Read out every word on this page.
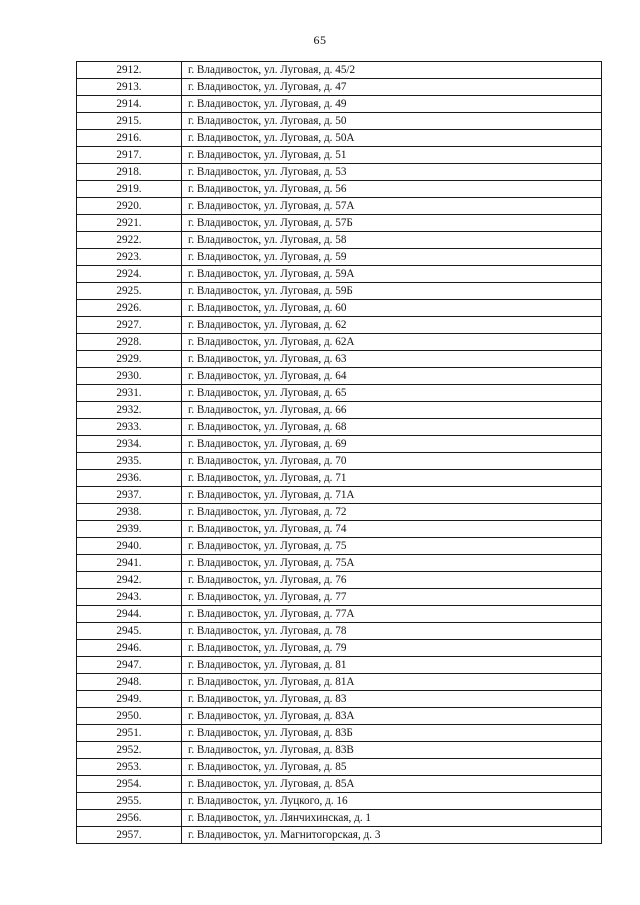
65
2912.	г. Владивосток, ул. Луговая, д. 45/2
2913.	г. Владивосток, ул. Луговая, д. 47
2914.	г. Владивосток, ул. Луговая, д. 49
2915.	г. Владивосток, ул. Луговая, д. 50
2916.	г. Владивосток, ул. Луговая, д. 50А
2917.	г. Владивосток, ул. Луговая, д. 51
2918.	г. Владивосток, ул. Луговая, д. 53
2919.	г. Владивосток, ул. Луговая, д. 56
2920.	г. Владивосток, ул. Луговая, д. 57А
2921.	г. Владивосток, ул. Луговая, д. 57Б
2922.	г. Владивосток, ул. Луговая, д. 58
2923.	г. Владивосток, ул. Луговая, д. 59
2924.	г. Владивосток, ул. Луговая, д. 59А
2925.	г. Владивосток, ул. Луговая, д. 59Б
2926.	г. Владивосток, ул. Луговая, д. 60
2927.	г. Владивосток, ул. Луговая, д. 62
2928.	г. Владивосток, ул. Луговая, д. 62А
2929.	г. Владивосток, ул. Луговая, д. 63
2930.	г. Владивосток, ул. Луговая, д. 64
2931.	г. Владивосток, ул. Луговая, д. 65
2932.	г. Владивосток, ул. Луговая, д. 66
2933.	г. Владивосток, ул. Луговая, д. 68
2934.	г. Владивосток, ул. Луговая, д. 69
2935.	г. Владивосток, ул. Луговая, д. 70
2936.	г. Владивосток, ул. Луговая, д. 71
2937.	г. Владивосток, ул. Луговая, д. 71А
2938.	г. Владивосток, ул. Луговая, д. 72
2939.	г. Владивосток, ул. Луговая, д. 74
2940.	г. Владивосток, ул. Луговая, д. 75
2941.	г. Владивосток, ул. Луговая, д. 75А
2942.	г. Владивосток, ул. Луговая, д. 76
2943.	г. Владивосток, ул. Луговая, д. 77
2944.	г. Владивосток, ул. Луговая, д. 77А
2945.	г. Владивосток, ул. Луговая, д. 78
2946.	г. Владивосток, ул. Луговая, д. 79
2947.	г. Владивосток, ул. Луговая, д. 81
2948.	г. Владивосток, ул. Луговая, д. 81А
2949.	г. Владивосток, ул. Луговая, д. 83
2950.	г. Владивосток, ул. Луговая, д. 83А
2951.	г. Владивосток, ул. Луговая, д. 83Б
2952.	г. Владивосток, ул. Луговая, д. 83В
2953.	г. Владивосток, ул. Луговая, д. 85
2954.	г. Владивосток, ул. Луговая, д. 85А
2955.	г. Владивосток, ул. Луцкого, д. 16
2956.	г. Владивосток, ул. Лянчихинская, д. 1
2957.	г. Владивосток, ул. Магнитогорская, д. 3
